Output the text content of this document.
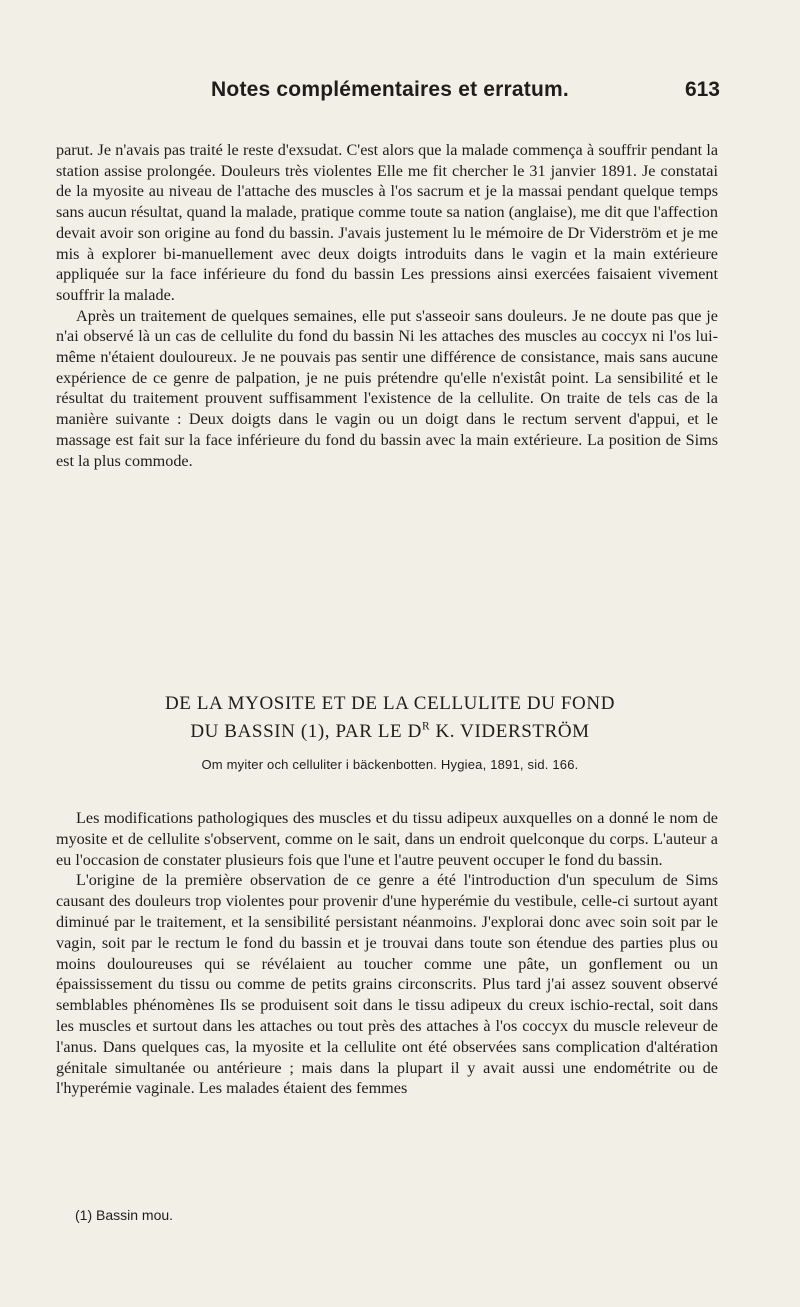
Notes complémentaires et erratum.	613

parut. Je n'avais pas traité le reste d'exsudat. C'est alors que la malade commença à souffrir pendant la station assise prolongée. Douleurs très violentes Elle me fit chercher le 31 janvier 1891. Je constatai de la myosite au niveau de l'attache des muscles à l'os sacrum et je la massai pendant quelque temps sans aucun résultat, quand la malade, pratique comme toute sa nation (anglaise), me dit que l'affection devait avoir son origine au fond du bassin. J'avais justement lu le mémoire de Dr Viderström et je me mis à explorer bi-manuellement avec deux doigts introduits dans le vagin et la main extérieure appliquée sur la face inférieure du fond du bassin Les pressions ainsi exercées faisaient vivement souffrir la malade.

Après un traitement de quelques semaines, elle put s'asseoir sans douleurs. Je ne doute pas que je n'ai observé là un cas de cellulite du fond du bassin Ni les attaches des muscles au coccyx ni l'os lui-même n'étaient douloureux. Je ne pouvais pas sentir une différence de consistance, mais sans aucune expérience de ce genre de palpation, je ne puis prétendre qu'elle n'existât point. La sensibilité et le résultat du traitement prouvent suffisamment l'existence de la cellulite. On traite de tels cas de la manière suivante : Deux doigts dans le vagin ou un doigt dans le rectum servent d'appui, et le massage est fait sur la face inférieure du fond du bassin avec la main extérieure. La position de Sims est la plus commode.

DE LA MYOSITE ET DE LA CELLULITE DU FOND
DU BASSIN (1), PAR LE $D^R$ K. VIDERSTRÖM
Om myiter och celluliter i bäckenbotten. Hygiea, 1891, sid. 166.

Les modifications pathologiques des muscles et du tissu adipeux auxquelles on a donné le nom de myosite et de cellulite s'observent, comme on le sait, dans un endroit quelconque du corps. L'auteur a eu l'occasion de constater plusieurs fois que l'une et l'autre peuvent occuper le fond du bassin.

L'origine de la première observation de ce genre a été l'introduction d'un speculum de Sims causant des douleurs trop violentes pour provenir d'une hyperémie du vestibule, celle-ci surtout ayant diminué par le traitement, et la sensibilité persistant néanmoins. J'explorai donc avec soin soit par le vagin, soit par le rectum le fond du bassin et je trouvai dans toute son étendue des parties plus ou moins douloureuses qui se révélaient au toucher comme une pâte, un gonflement ou un épaississement du tissu ou comme de petits grains circonscrits. Plus tard j'ai assez souvent observé semblables phénomènes Ils se produisent soit dans le tissu adipeux du creux ischio-rectal, soit dans les muscles et surtout dans les attaches ou tout près des attaches à l'os coccyx du muscle releveur de l'anus. Dans quelques cas, la myosite et la cellulite ont été observées sans complication d'altération génitale simultanée ou antérieure ; mais dans la plupart il y avait aussi une endométrite ou de l'hyperémie vaginale. Les malades étaient des femmes

(1) Bassin mou.
